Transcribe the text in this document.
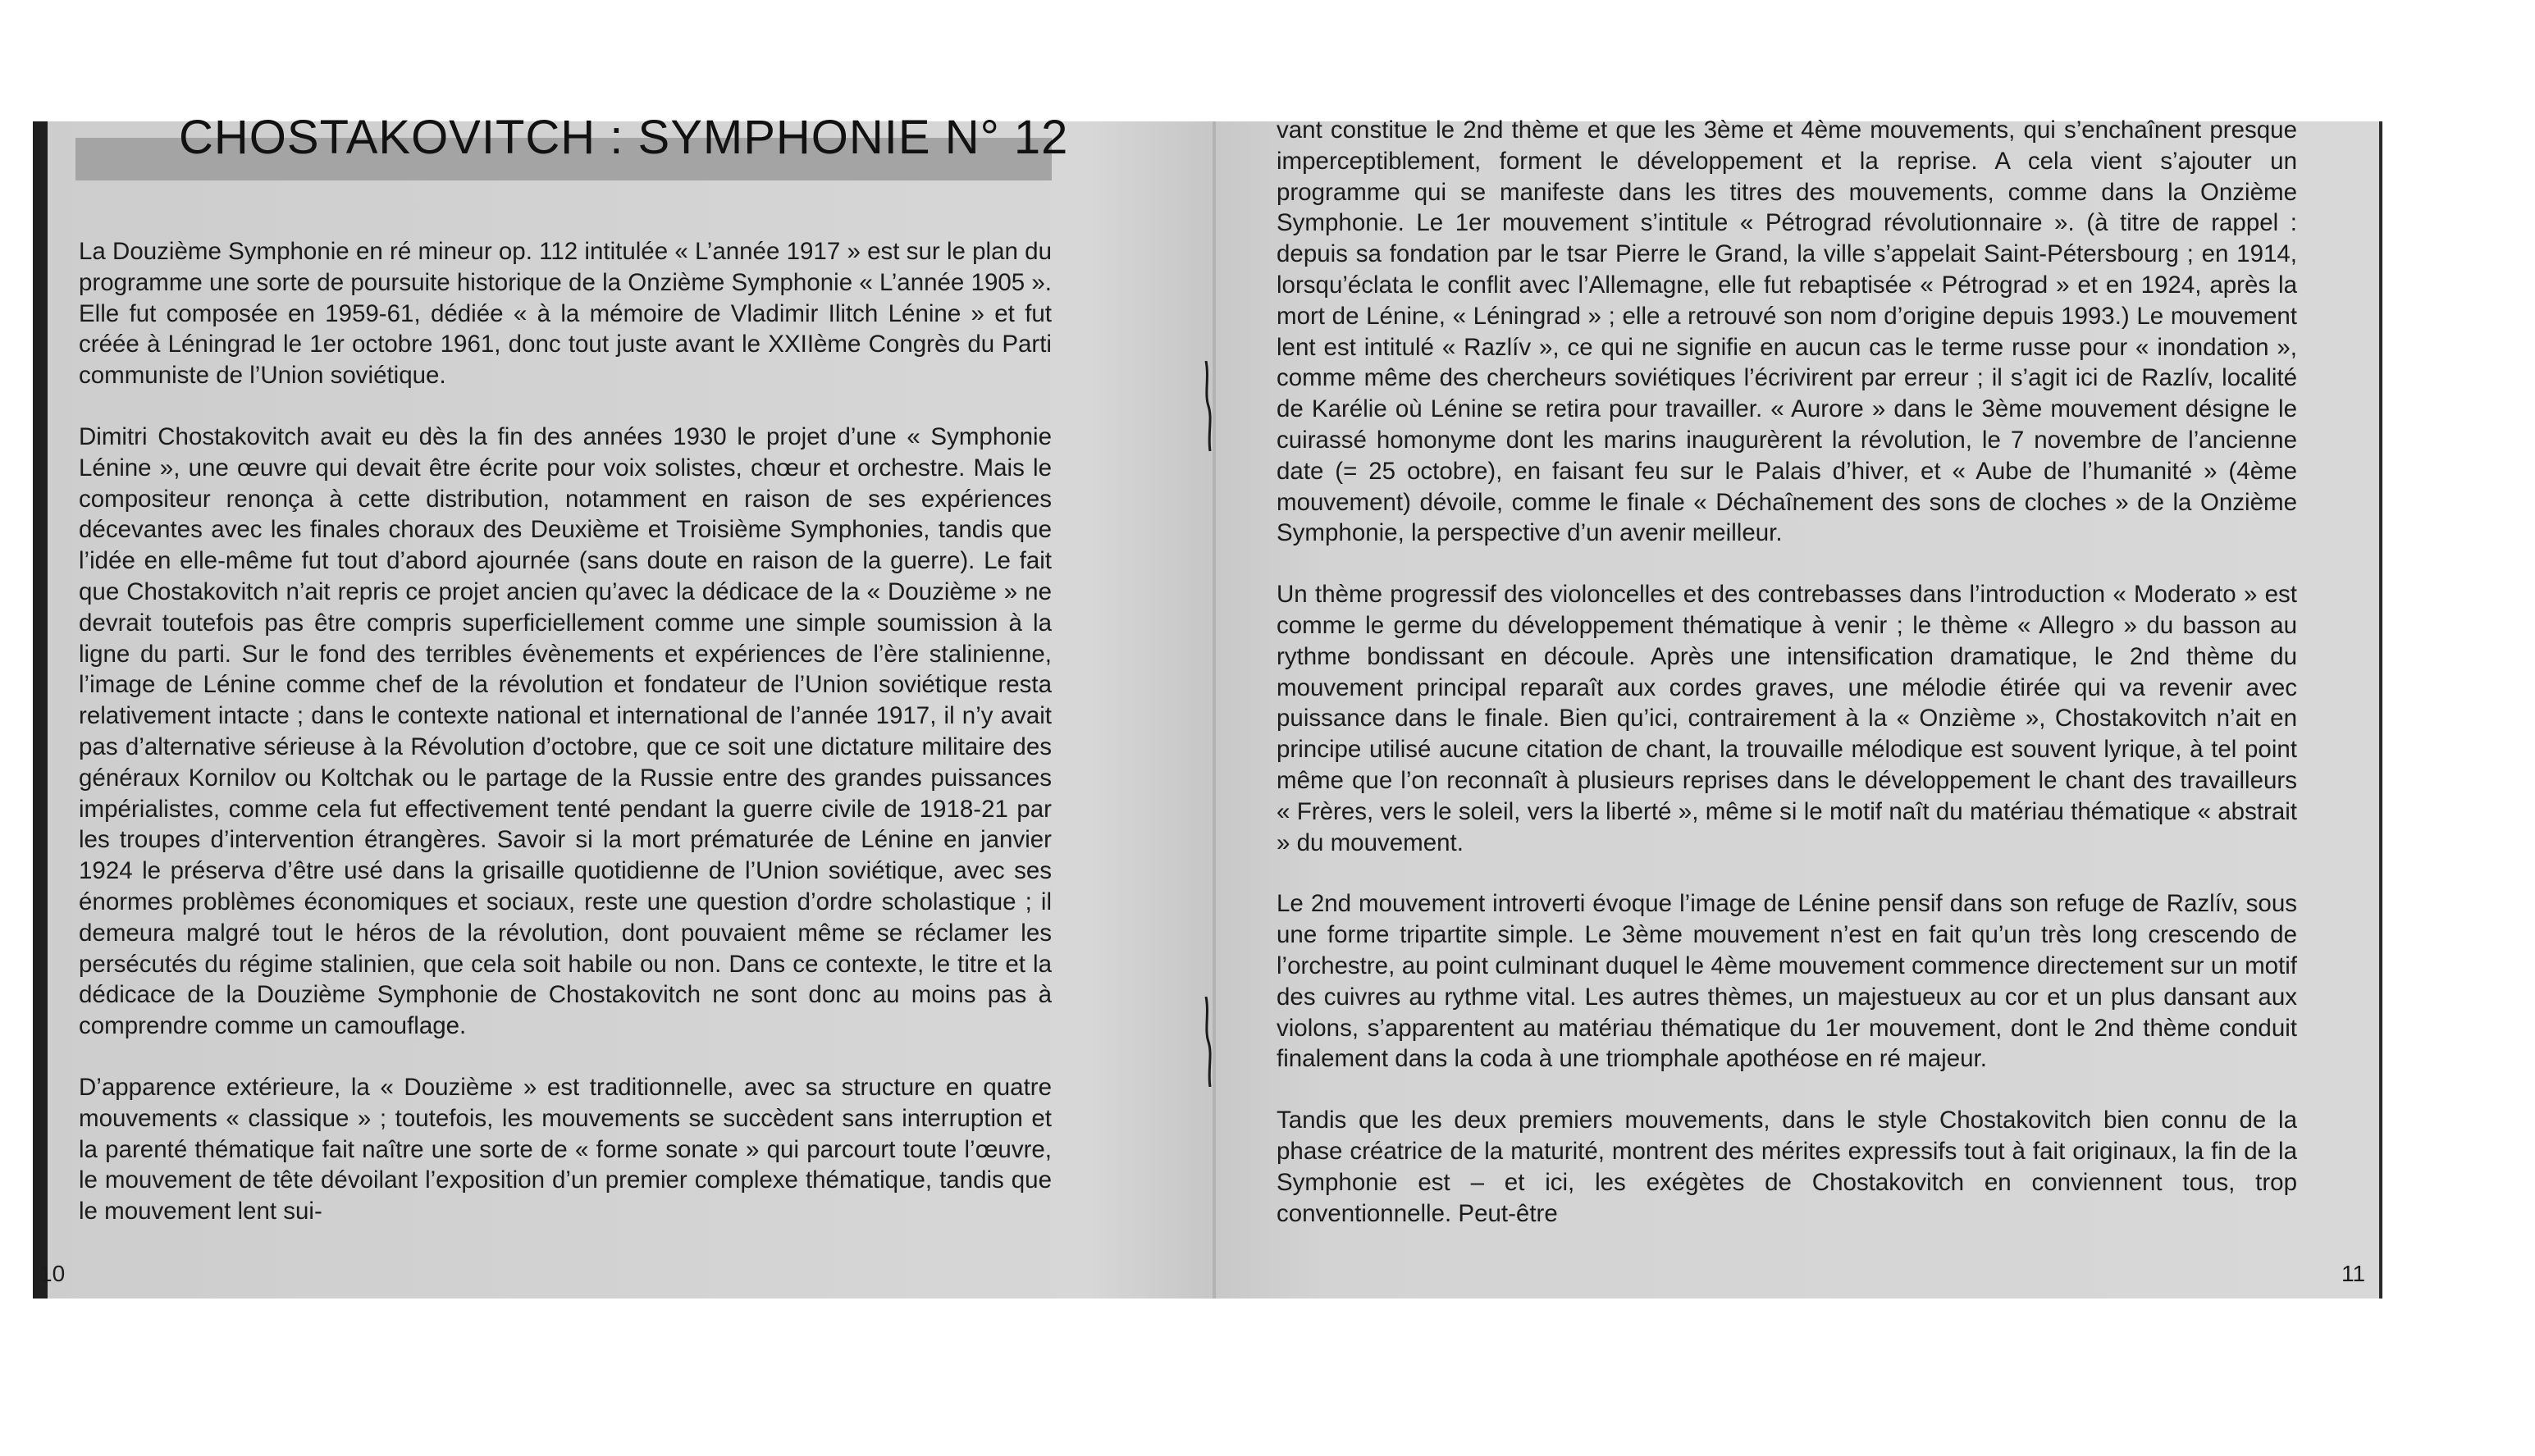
CHOSTAKOVITCH : SYMPHONIE N° 12

La Douzième Symphonie en ré mineur op. 112 intitulée « L’année 1917 » est sur le plan du programme une sorte de poursuite historique de la Onzième Symphonie « L’année 1905 ». Elle fut composée en 1959-61, dédiée « à la mémoire de Vladimir Ilitch Lénine » et fut créée à Léningrad le 1er octobre 1961, donc tout juste avant le XXIIème Congrès du Parti communiste de l’Union soviétique.

Dimitri Chostakovitch avait eu dès la fin des années 1930 le projet d’une « Symphonie Lénine », une œuvre qui devait être écrite pour voix solistes, chœur et orchestre. Mais le compositeur renonça à cette distribution, notamment en raison de ses expériences décevantes avec les finales choraux des Deuxième et Troisième Symphonies, tandis que l’idée en elle-même fut tout d’abord ajournée (sans doute en raison de la guerre). Le fait que Chostakovitch n’ait repris ce projet ancien qu’avec la dédicace de la « Douzième » ne devrait toutefois pas être compris superficiellement comme une simple soumission à la ligne du parti. Sur le fond des terribles évènements et expériences de l’ère stalinienne, l’image de Lénine comme chef de la révolution et fondateur de l’Union soviétique resta relativement intacte ; dans le contexte national et international de l’année 1917, il n’y avait pas d’alternative sérieuse à la Révolution d’octobre, que ce soit une dictature militaire des généraux Kornilov ou Koltchak ou le partage de la Russie entre des grandes puissances impérialistes, comme cela fut effectivement tenté pendant la guerre civile de 1918-21 par les troupes d’intervention étrangères. Savoir si la mort prématurée de Lénine en janvier 1924 le préserva d’être usé dans la grisaille quotidienne de l’Union soviétique, avec ses énormes problèmes économiques et sociaux, reste une question d’ordre scholastique ; il demeura malgré tout le héros de la révolution, dont pouvaient même se réclamer les persécutés du régime stalinien, que cela soit habile ou non. Dans ce contexte, le titre et la dédicace de la Douzième Symphonie de Chostakovitch ne sont donc au moins pas à comprendre comme un camouflage.

D’apparence extérieure, la « Douzième » est traditionnelle, avec sa structure en quatre mouvements « classique » ; toutefois, les mouvements se succèdent sans interruption et la parenté thématique fait naître une sorte de « forme sonate » qui parcourt toute l’œuvre, le mouvement de tête dévoilant l’exposition d’un premier complexe thématique, tandis que le mouvement lent sui-

vant constitue le 2nd thème et que les 3ème et 4ème mouvements, qui s’enchaînent presque imperceptiblement, forment le développement et la reprise. A cela vient s’ajouter un programme qui se manifeste dans les titres des mouvements, comme dans la Onzième Symphonie. Le 1er mouvement s’intitule « Pétrograd révolutionnaire ». (à titre de rappel : depuis sa fondation par le tsar Pierre le Grand, la ville s’appelait Saint-Pétersbourg ; en 1914, lorsqu’éclata le conflit avec l’Allemagne, elle fut rebaptisée « Pétrograd » et en 1924, après la mort de Lénine, « Léningrad » ; elle a retrouvé son nom d’origine depuis 1993.) Le mouvement lent est intitulé « Razlív », ce qui ne signifie en aucun cas le terme russe pour « inondation », comme même des chercheurs soviétiques l’écrivirent par erreur ; il s’agit ici de Razlív, localité de Karélie où Lénine se retira pour travailler. « Aurore » dans le 3ème mouvement désigne le cuirassé homonyme dont les marins inaugurèrent la révolution, le 7 novembre de l’ancienne date (= 25 octobre), en faisant feu sur le Palais d’hiver, et « Aube de l’humanité » (4ème mouvement) dévoile, comme le finale « Déchaînement des sons de cloches » de la Onzième Symphonie, la perspective d’un avenir meilleur.

Un thème progressif des violoncelles et des contrebasses dans l’introduction « Moderato » est comme le germe du développement thématique à venir ; le thème « Allegro » du basson au rythme bondissant en découle. Après une intensification dramatique, le 2nd thème du mouvement principal reparaît aux cordes graves, une mélodie étirée qui va revenir avec puissance dans le finale. Bien qu’ici, contrairement à la « Onzième », Chostakovitch n’ait en principe utilisé aucune citation de chant, la trouvaille mélodique est souvent lyrique, à tel point même que l’on reconnaît à plusieurs reprises dans le développement le chant des travailleurs « Frères, vers le soleil, vers la liberté », même si le motif naît du matériau thématique « abstrait » du mouvement.

Le 2nd mouvement introverti évoque l’image de Lénine pensif dans son refuge de Razlív, sous une forme tripartite simple. Le 3ème mouvement n’est en fait qu’un très long crescendo de l’orchestre, au point culminant duquel le 4ème mouvement commence directement sur un motif des cuivres au rythme vital. Les autres thèmes, un majestueux au cor et un plus dansant aux violons, s’apparentent au matériau thématique du 1er mouvement, dont le 2nd thème conduit finalement dans la coda à une triomphale apothéose en ré majeur.

Tandis que les deux premiers mouvements, dans le style Chostakovitch bien connu de la phase créatrice de la maturité, montrent des mérites expressifs tout à fait originaux, la fin de la Symphonie est – et ici, les exégètes de Chostakovitch en conviennent tous, trop conventionnelle. Peut-être

10	11
